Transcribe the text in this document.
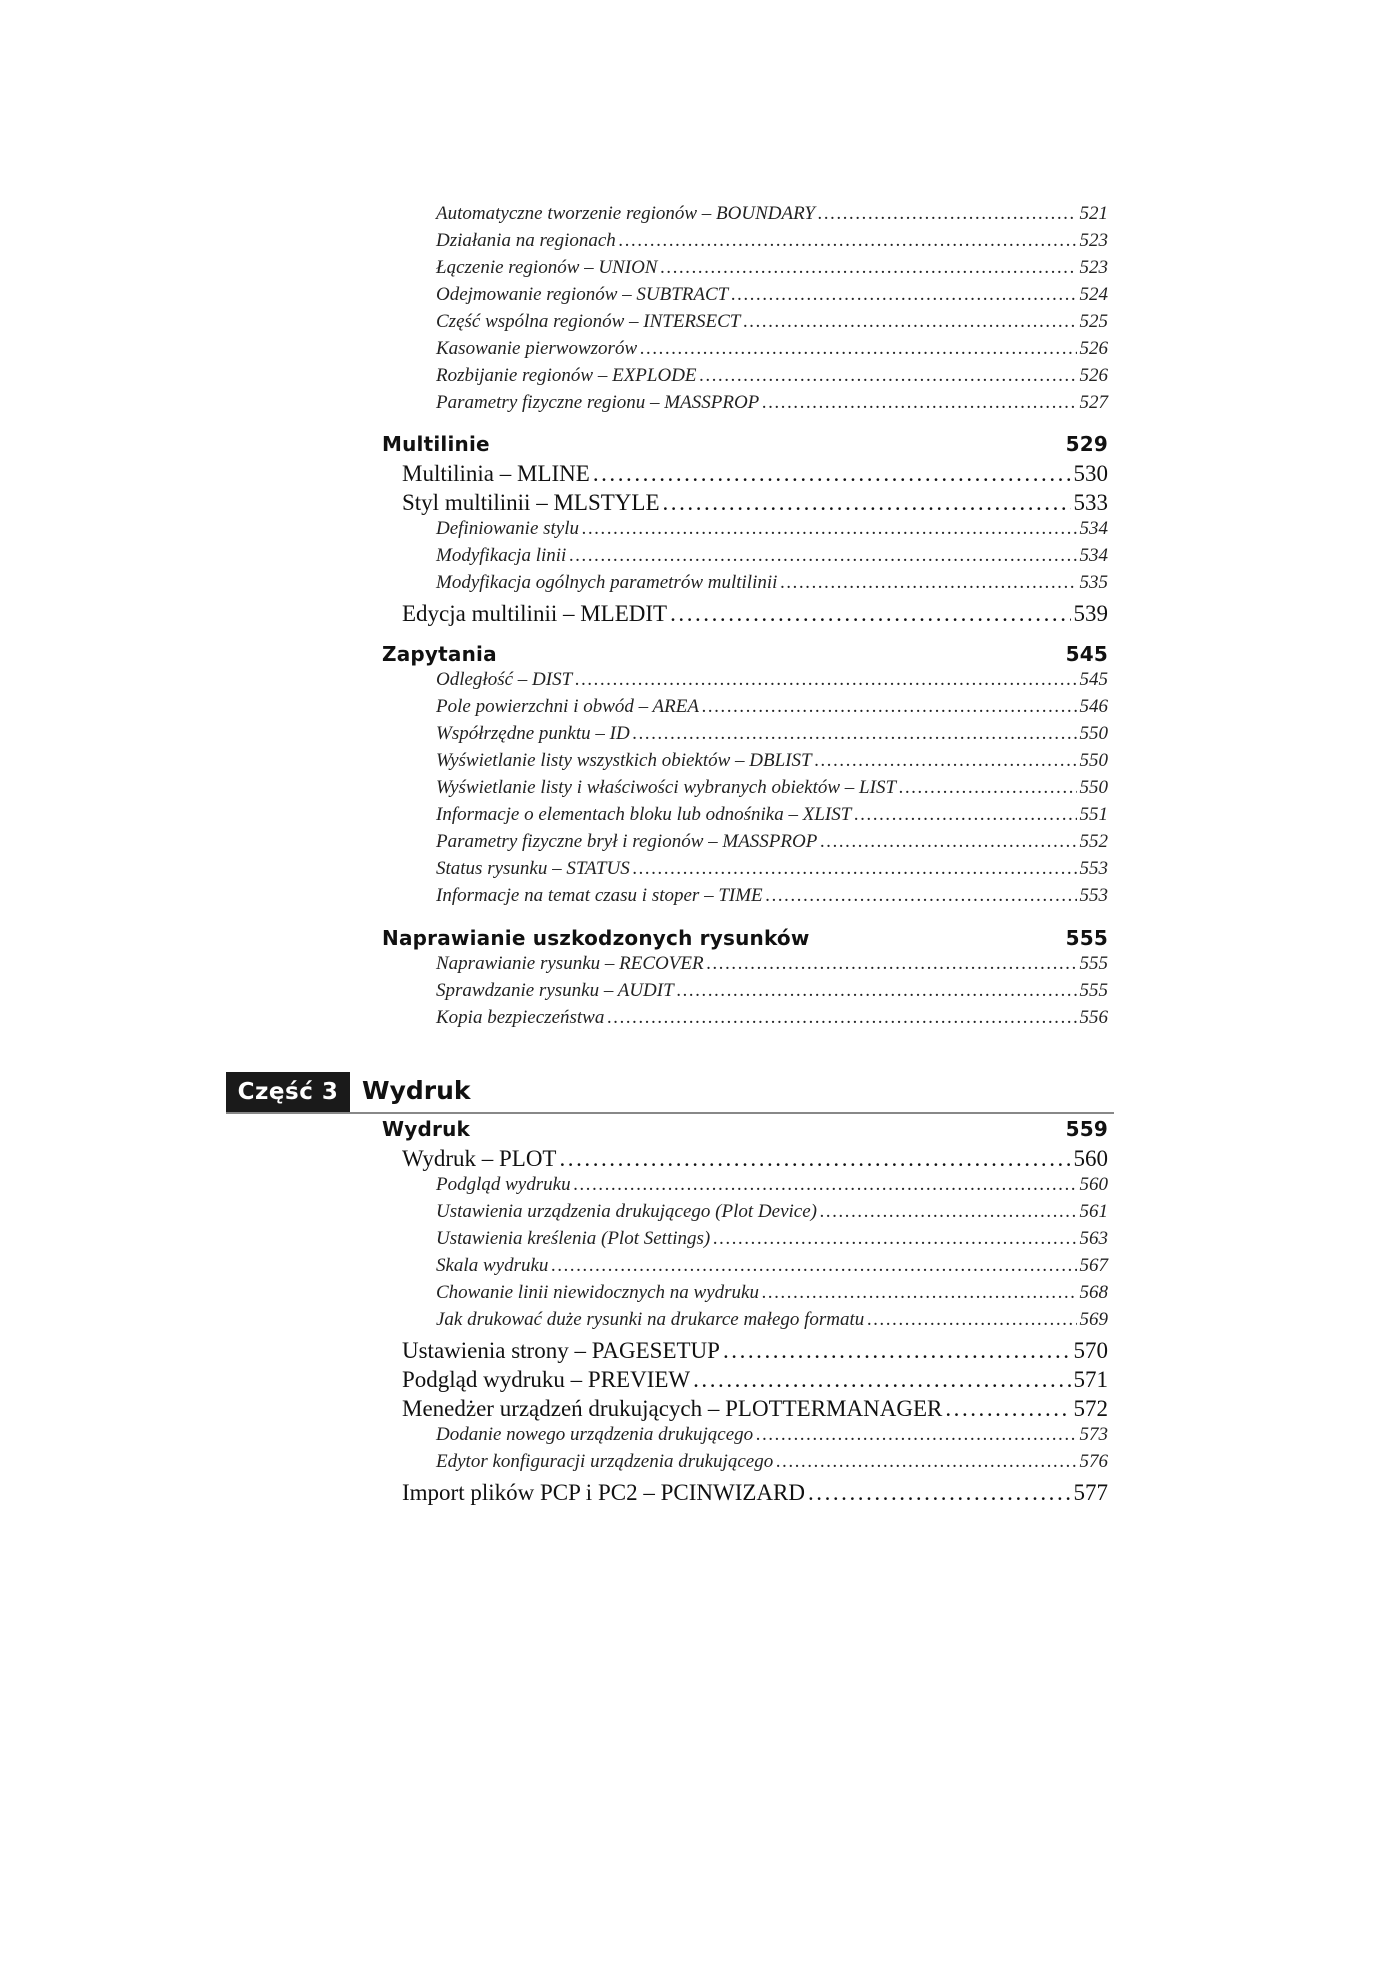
Automatyczne tworzenie regionów – BOUNDARY . . .	521
Działania na regionach . . .	523
Łączenie regionów – UNION . . .	523
Odejmowanie regionów – SUBTRACT . . .	524
Część wspólna regionów – INTERSECT . . .	525
Kasowanie pierwowzorów . . .	526
Rozbijanie regionów – EXPLODE . . .	526
Parametry fizyczne regionu – MASSPROP . . .	527
Multilinie	529
Multilinia – MLINE . . .	530
Styl multilinii – MLSTYLE . . .	533
Definiowanie stylu . . .	534
Modyfikacja linii . . .	534
Modyfikacja ogólnych parametrów multilinii . . .	535
Edycja multilinii – MLEDIT . . .	539
Zapytania	545
Odległość – DIST . . .	545
Pole powierzchni i obwód – AREA . . .	546
Współrzędne punktu – ID . . .	550
Wyświetlanie listy wszystkich obiektów – DBLIST . . .	550
Wyświetlanie listy i właściwości wybranych obiektów – LIST . . .	550
Informacje o elementach bloku lub odnośnika – XLIST . . .	551
Parametry fizyczne brył i regionów – MASSPROP . . .	552
Status rysunku – STATUS . . .	553
Informacje na temat czasu i stoper – TIME . . .	553
Naprawianie uszkodzonych rysunków	555
Naprawianie rysunku – RECOVER . . .	555
Sprawdzanie rysunku – AUDIT . . .	555
Kopia bezpieczeństwa . . .	556
Wydruk	559
Wydruk – PLOT . . .	560
Podgląd wydruku . . .	560
Ustawienia urządzenia drukującego (Plot Device) . . .	561
Ustawienia kreślenia (Plot Settings) . . .	563
Skala wydruku . . .	567
Chowanie linii niewidocznych na wydruku . . .	568
Jak drukować duże rysunki na drukarce małego formatu . . .	569
Ustawienia strony – PAGESETUP . . .	570
Podgląd wydruku – PREVIEW . . .	571
Menedżer urządzeń drukujących – PLOTTERMANAGER . . .	572
Dodanie nowego urządzenia drukującego . . .	573
Edytor konfiguracji urządzenia drukującego . . .	576
Import plików PCP i PC2 – PCINWIZARD . . .	577
Część 3 Wydruk
